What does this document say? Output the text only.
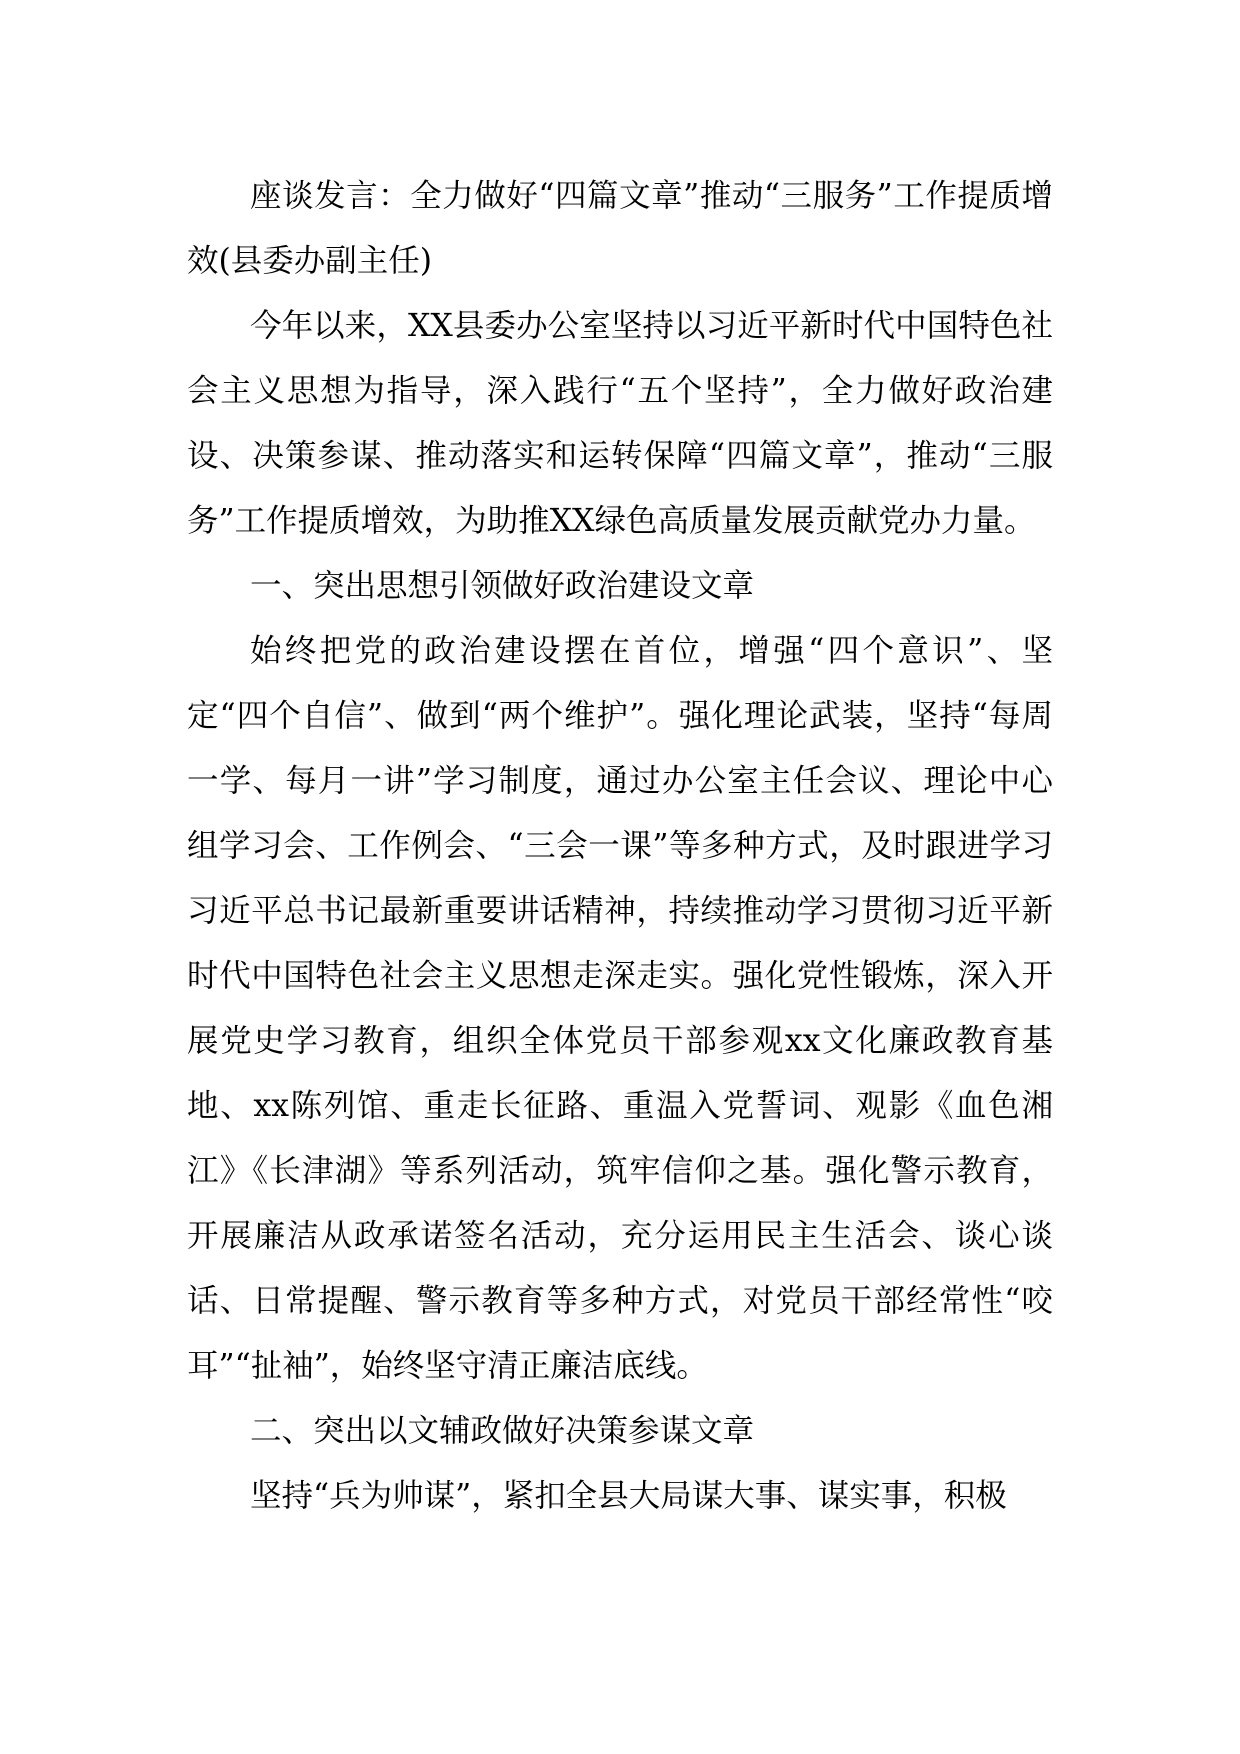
座谈发言：全力做好“四篇文章”推动“三服务”工作提质增效(县委办副主任)

今年以来，XX县委办公室坚持以习近平新时代中国特色社会主义思想为指导，深入践行“五个坚持”，全力做好政治建设、决策参谋、推动落实和运转保障“四篇文章”，推动“三服务”工作提质增效，为助推XX绿色高质量发展贡献党办力量。

一、突出思想引领做好政治建设文章

始终把党的政治建设摆在首位，增强“四个意识”、坚定“四个自信”、做到“两个维护”。强化理论武装，坚持“每周一学、每月一讲”学习制度，通过办公室主任会议、理论中心组学习会、工作例会、“三会一课”等多种方式，及时跟进学习习近平总书记最新重要讲话精神，持续推动学习贯彻习近平新时代中国特色社会主义思想走深走实。强化党性锻炼，深入开展党史学习教育，组织全体党员干部参观xx文化廉政教育基地、xx陈列馆、重走长征路、重温入党誓词、观影《血色湘江》《长津湖》等系列活动，筑牢信仰之基。强化警示教育，开展廉洁从政承诺签名活动，充分运用民主生活会、谈心谈话、日常提醒、警示教育等多种方式，对党员干部经常性“咬耳”“扯袖”，始终坚守清正廉洁底线。

二、突出以文辅政做好决策参谋文章

坚持“兵为帅谋”，紧扣全县大局谋大事、谋实事，积极
